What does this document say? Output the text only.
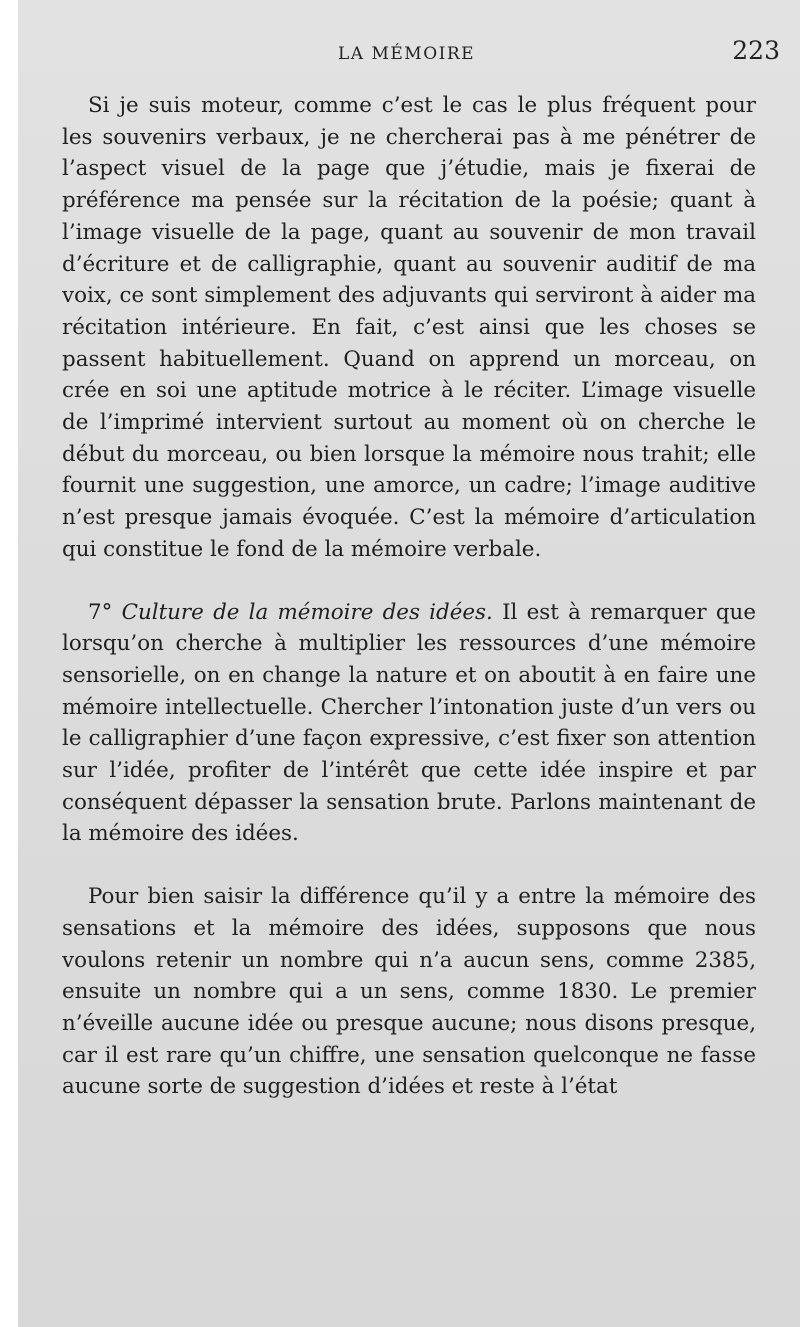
LA MÉMOIRE	223

Si je suis moteur, comme c’est le cas le plus fréquent pour les souvenirs verbaux, je ne chercherai pas à me pénétrer de l’aspect visuel de la page que j’étudie, mais je fixerai de préférence ma pensée sur la récitation de la poésie; quant à l’image visuelle de la page, quant au souvenir de mon travail d’écriture et de calligraphie, quant au souvenir auditif de ma voix, ce sont simplement des adjuvants qui serviront à aider ma récitation intérieure. En fait, c’est ainsi que les choses se passent habituellement. Quand on apprend un morceau, on crée en soi une aptitude motrice à le réciter. L’image visuelle de l’imprimé intervient surtout au moment où on cherche le début du morceau, ou bien lorsque la mémoire nous trahit; elle fournit une suggestion, une amorce, un cadre; l’image auditive n’est presque jamais évoquée. C’est la mémoire d’articulation qui constitue le fond de la mémoire verbale.

7° Culture de la mémoire des idées. Il est à remarquer que lorsqu’on cherche à multiplier les ressources d’une mémoire sensorielle, on en change la nature et on aboutit à en faire une mémoire intellectuelle. Chercher l’intonation juste d’un vers ou le calligraphier d’une façon expressive, c’est fixer son attention sur l’idée, profiter de l’intérêt que cette idée inspire et par conséquent dépasser la sensation brute. Parlons maintenant de la mémoire des idées.

Pour bien saisir la différence qu’il y a entre la mémoire des sensations et la mémoire des idées, supposons que nous voulons retenir un nombre qui n’a aucun sens, comme 2385, ensuite un nombre qui a un sens, comme 1830. Le premier n’éveille aucune idée ou presque aucune; nous disons presque, car il est rare qu’un chiffre, une sensation quelconque ne fasse aucune sorte de suggestion d’idées et reste à l’état
